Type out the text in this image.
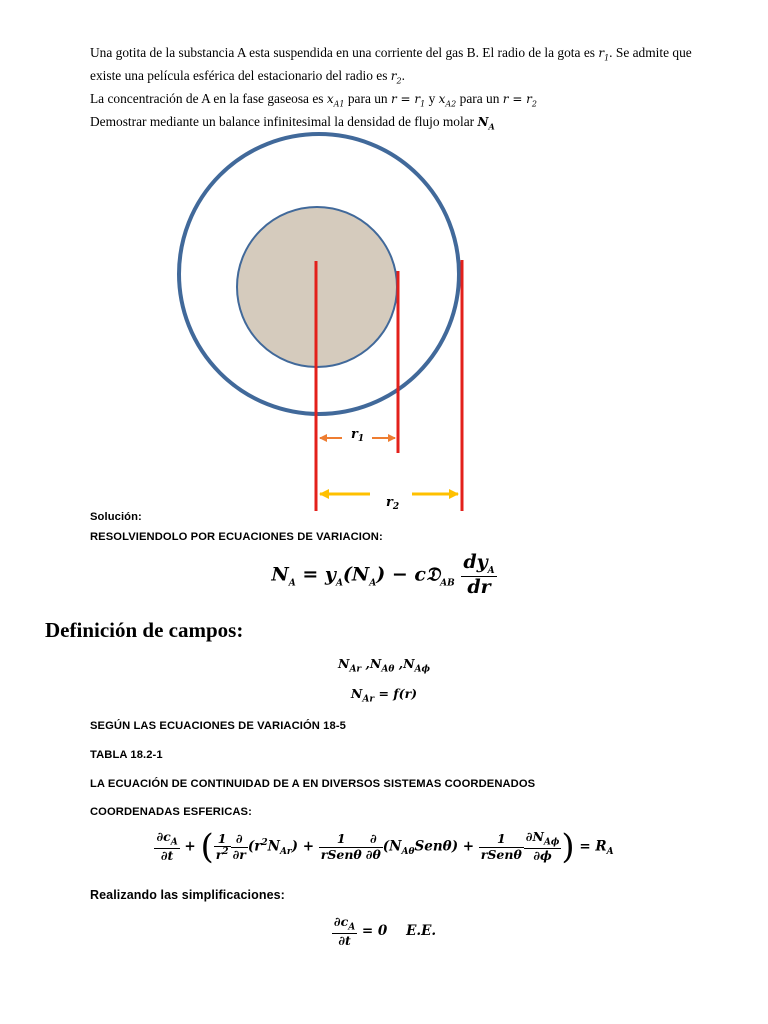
Una gotita de la substancia A esta suspendida en una corriente del gas B. El radio de la gota es $r_1$. Se admite que

existe una película esférica del estacionario del radio es $r_2$.

La concentración de A en la fase gaseosa es $x_{A1}$ para un $r = r_1$ y $x_{A2}$ para un $r = r_2$

Demostrar mediante un balance infinitesimal la densidad de flujo molar $N_A$

$r_1$
$r_2$
Solución:
RESOLVIENDOLO POR ECUACIONES DE VARIACION:
$N_A = y_A(N_A)$ − c𝔇$_{AB}$ $\frac{dy_A}{dr}$
Definición de campos:
$N_{Ar}$ $,N_{A\theta}$ $,N_{A\phi}$
$N_{Ar} = f(r)$
SEGÚN LAS ECUACIONES DE VARIACIÓN 18-5
TABLA 18.2-1
LA ECUACIÓN DE CONTINUIDAD DE A EN DIVERSOS SISTEMAS COORDENADOS
COORDENADAS ESFERICAS:
$\frac{\partial c_A}{\partial t}$ + ( $\frac{1}{r^2} \frac{\partial}{\partial r} (r^2N_{Ar}) + \frac{1}{\text{rSenθ}} \frac{\partial}{\partial\theta} (N_{A\theta}Sen\theta) + \frac{1}{\text{rSenθ}} \frac{\partial N_{A\phi}}{\partial\phi}$ ) = $R_A$
Realizando las simplificaciones:
$\frac{\partial c_A}{\partial t} = 0$ E.E.
